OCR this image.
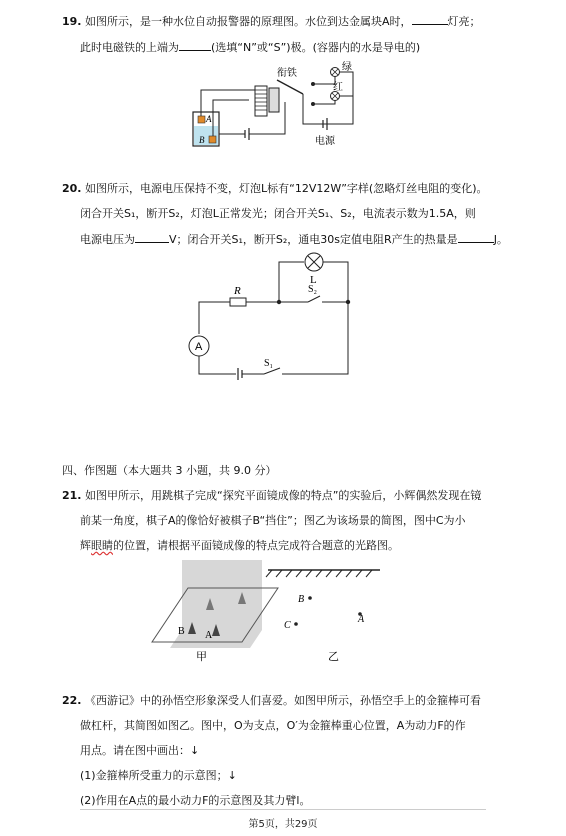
19. 如图所示，是一种水位自动报警器的原理图。水位到达金属块A时，	灯亮；
此时电磁铁的上端为	(选填“N”或“S”)极。(容器内的水是导电的)
A
B
衔铁
绿
红
电源
20. 如图所示，电源电压保持不变，灯泡L标有“12V12W”字样(忽略灯丝电阻的变化)。
闭合开关S₁，断开S₂，灯泡L正常发光；闭合开关S₁、S₂，电流表示数为1.5A，则
电源电压为	V；闭合开关S₁，断开S₂，通电30s定值电阻R产生的热量是	J。
L
R	S₂
A
S₁
四、作图题（本大题共 3 小题，共 9.0 分）
21. 如图甲所示，用跳棋子完成“探究平面镜成像的特点”的实验后，小辉偶然发现在镜
前某一角度，棋子A的像恰好被棋子B“挡住”；图乙为该场景的简图，图中C为小
辉眼睛的位置，请根据平面镜成像的特点完成符合题意的光路图。
B A
甲
B
A
C
乙
22. 《西游记》中的孙悟空形象深受人们喜爱。如图甲所示，孙悟空手上的金箍棒可看
做杠杆，其简图如图乙。图中，O为支点，O′为金箍棒重心位置，A为动力F的作
用点。请在图中画出：↓
(1)金箍棒所受重力的示意图；↓
(2)作用在A点的最小动力F的示意图及其力臂l。
第5页，共29页
